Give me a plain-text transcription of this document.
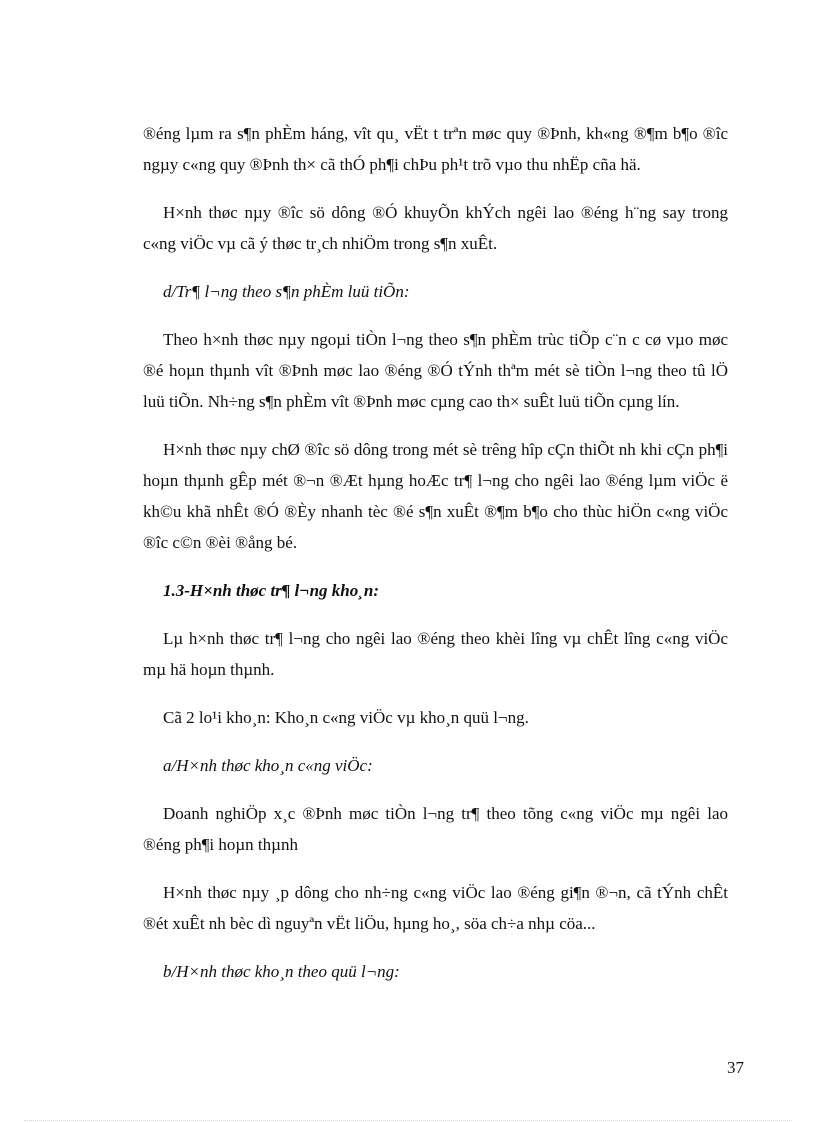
®éng lµm ra s¶n phÈm háng, vît qu¸ vËt t trªn møc quy ®Þnh, kh«ng ®¶m b¶o ®îc ngµy c«ng quy ®Þnh th× cã thÓ ph¶i chÞu ph¹t trõ vµo thu nhËp cña hä.

H×nh thøc nµy ®îc sö dông ®Ó khuyÕn khÝch ngêi lao ®éng h¨ng say trong c«ng viÖc vµ cã ý thøc tr¸ch nhiÖm trong s¶n xuÊt.

d/Tr¶ l¬ng theo s¶n phÈm luü tiÕn:

Theo h×nh thøc nµy ngoµi tiÒn l¬ng theo s¶n phÈm trùc tiÕp c¨n c cø vµo møc ®é hoµn thµnh vît ®Þnh møc lao ®éng ®Ó tÝnh thªm mét sè tiÒn l¬ng theo tû lÖ luü tiÕn. Nh÷ng s¶n phÈm vît ®Þnh møc cµng cao th× suÊt luü tiÕn cµng lín.

H×nh thøc nµy chØ ®îc sö dông trong mét sè trêng hîp cÇn thiÕt nh khi cÇn ph¶i hoµn thµnh gÊp mét ®¬n ®Æt hµng hoÆc tr¶ l¬ng cho ngêi lao ®éng lµm viÖc ë kh©u khã nhÊt ®Ó ®Èy nhanh tèc ®é s¶n xuÊt ®¶m b¶o cho thùc hiÖn c«ng viÖc ®îc c©n ®èi ®ång bé.

1.3-H×nh thøc tr¶ l¬ng kho¸n:

Lµ h×nh thøc tr¶ l¬ng cho ngêi lao ®éng theo khèi lîng vµ chÊt lîng c«ng viÖc mµ hä hoµn thµnh.

Cã 2 lo¹i kho¸n: Kho¸n c«ng viÖc vµ kho¸n quü l¬ng.

a/H×nh thøc kho¸n c«ng viÖc:

Doanh nghiÖp x¸c ®Þnh møc tiÒn l¬ng tr¶ theo tõng c«ng viÖc mµ ngêi lao ®éng ph¶i hoµn thµnh

H×nh thøc nµy ¸p dông cho nh÷ng c«ng viÖc lao ®éng gi¶n ®¬n, cã tÝnh chÊt ®ét xuÊt nh bèc dì nguyªn vËt liÖu, hµng ho¸, söa ch÷a nhµ cöa...

b/H×nh thøc kho¸n theo quü l¬ng:

37
